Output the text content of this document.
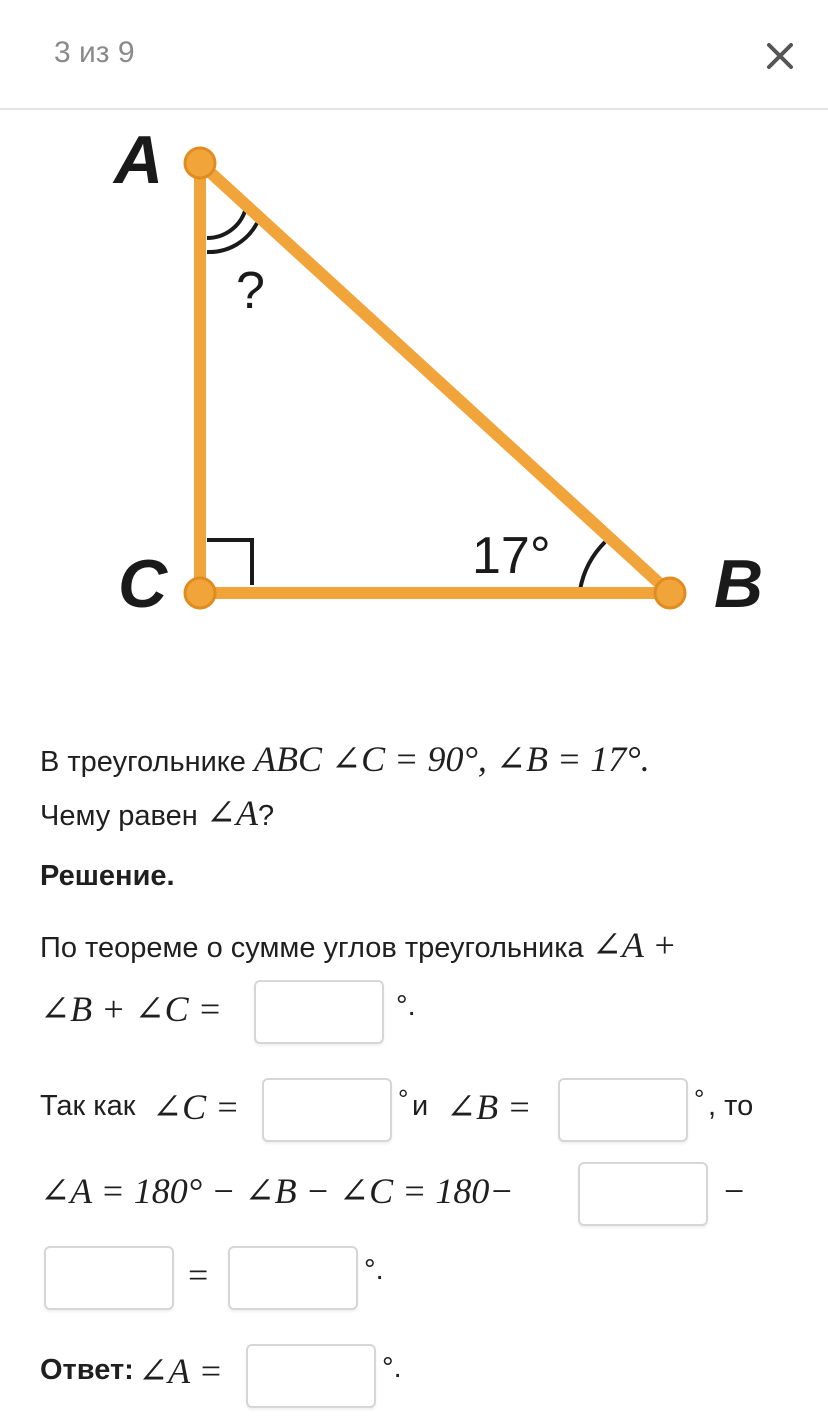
3 из 9
A
C	B
?
17°
В треугольнике ABC ∠C = 90°, ∠B = 17°.
Чему равен ∠A?
Решение.
По теореме о сумме углов треугольника ∠A +
∠B + ∠C =	°.
Так как ∠C =	° и ∠B =	° , то
∠A = 180° − ∠B − ∠C = 180−	−
=	°.
Ответ: ∠A =	°.
